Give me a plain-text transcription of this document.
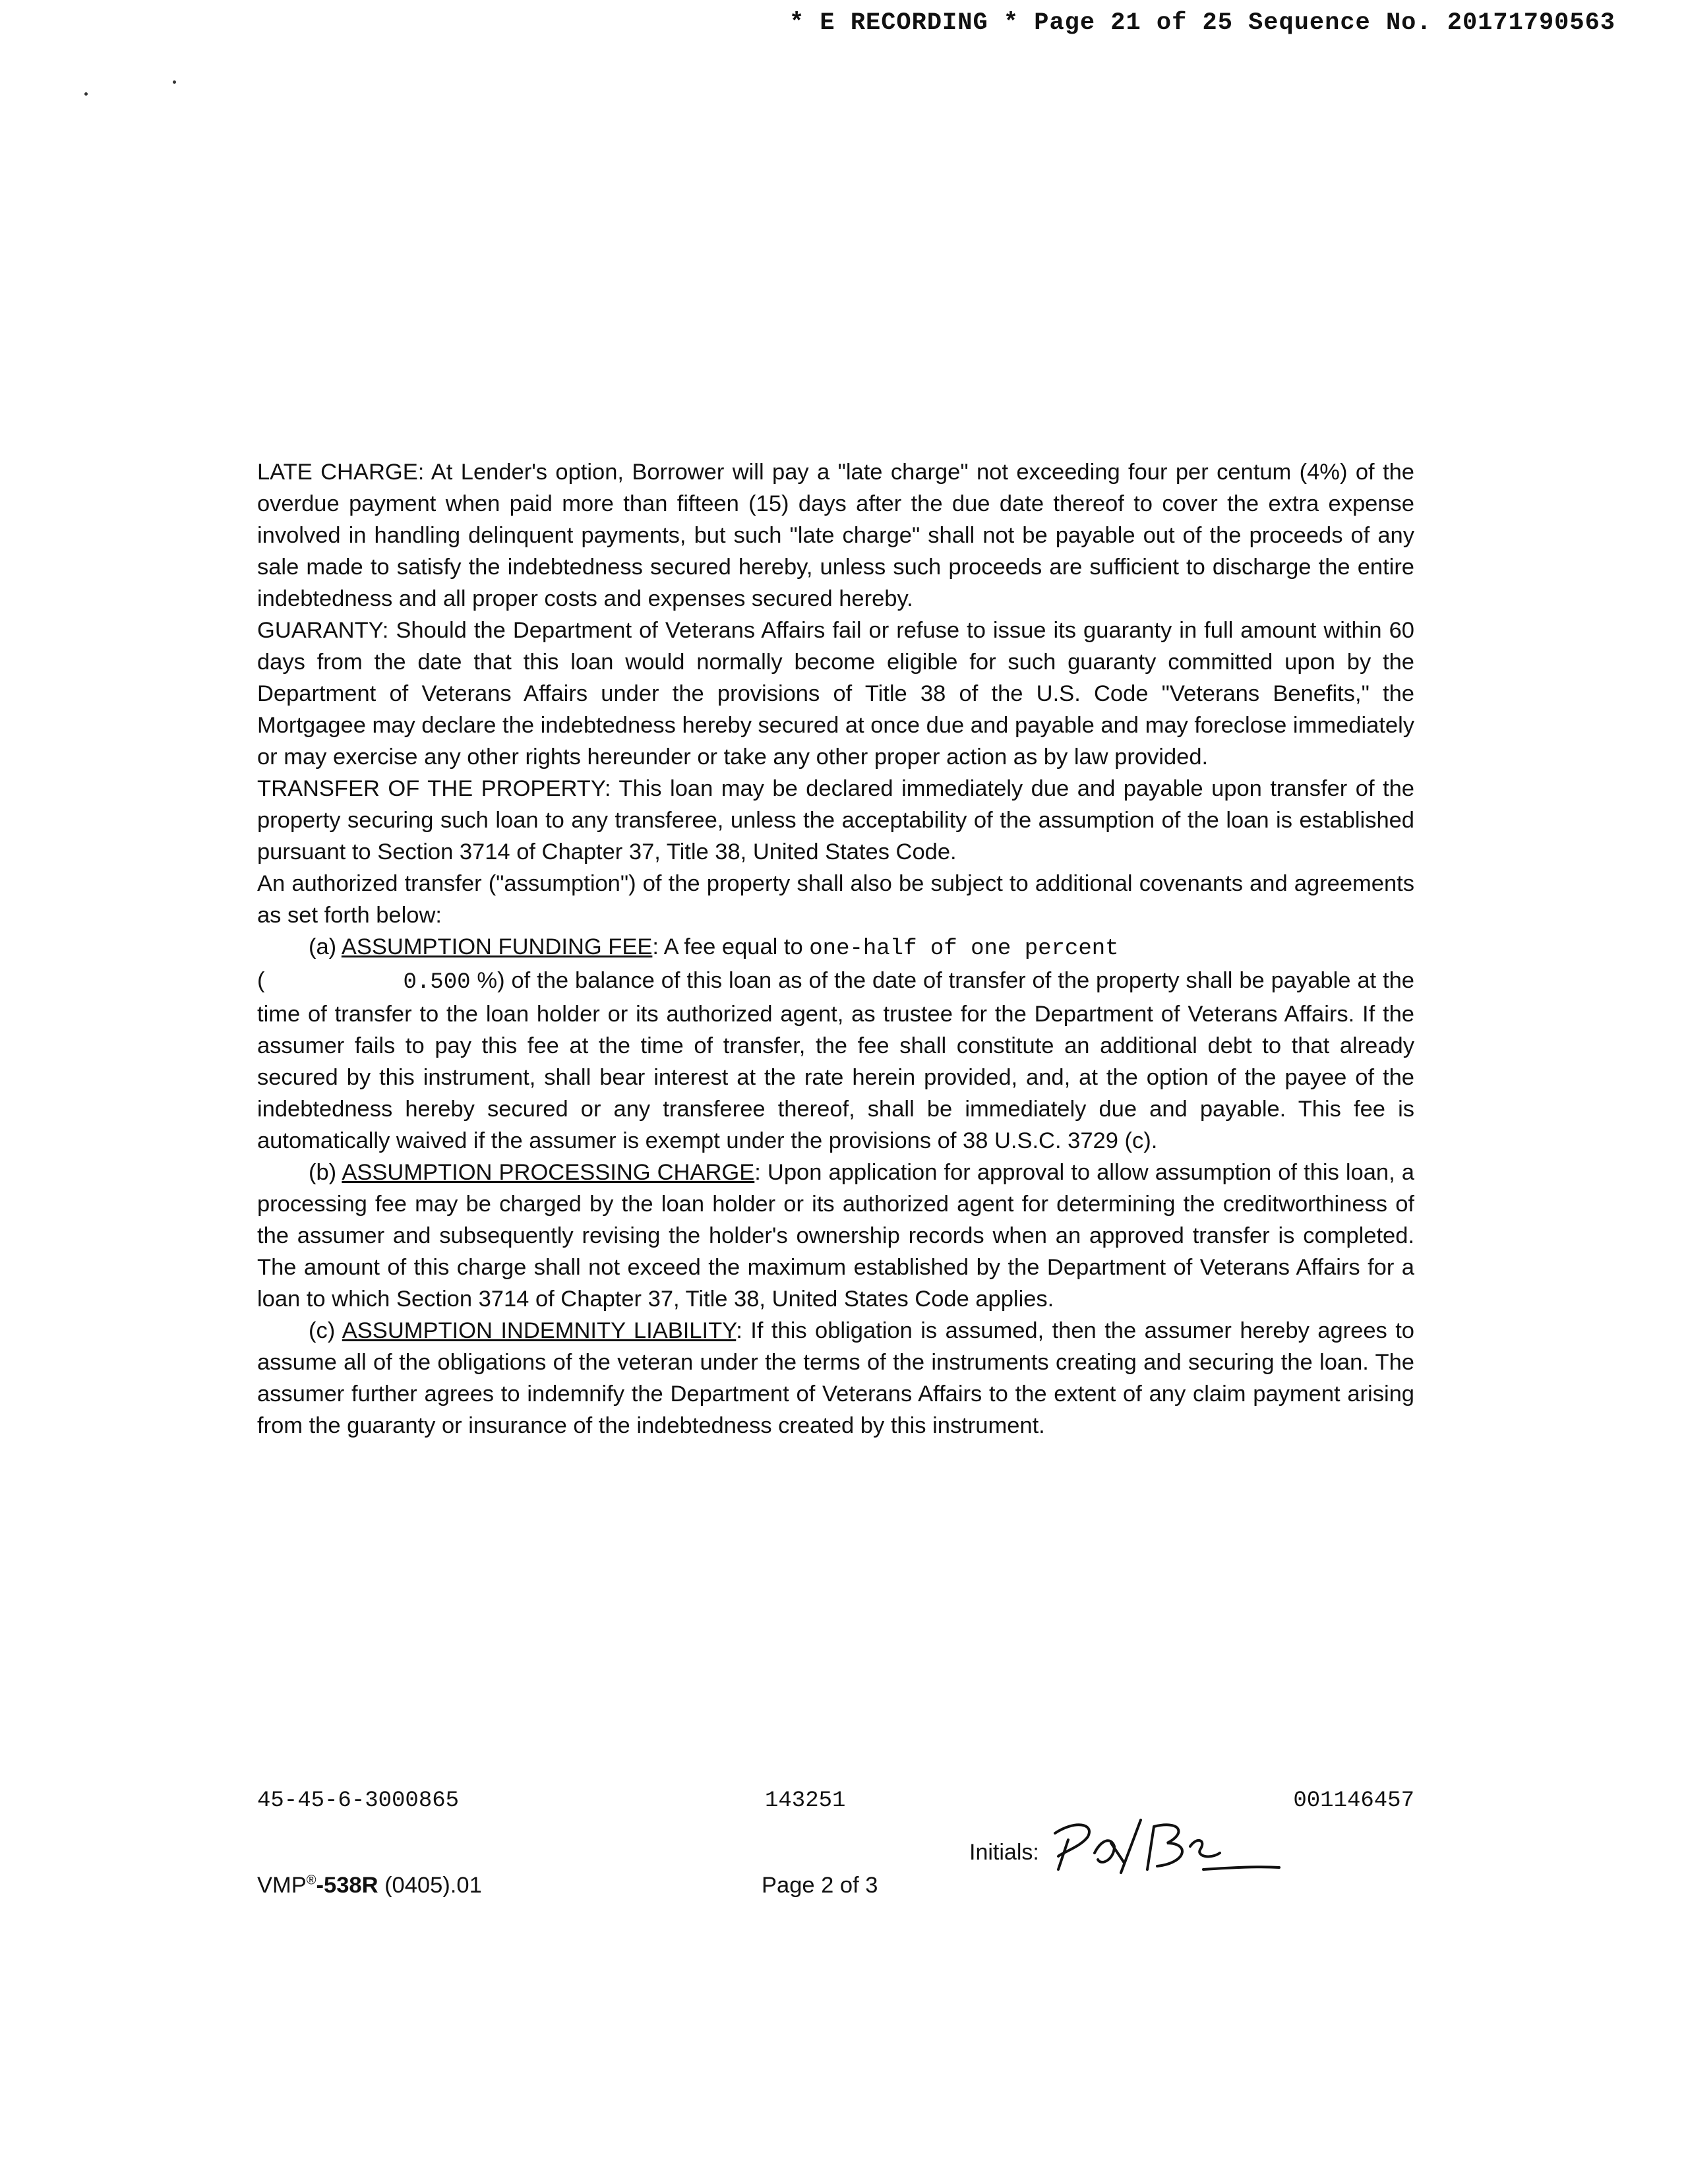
* E RECORDING * Page 21 of 25 Sequence No. 20171790563

LATE CHARGE: At Lender's option, Borrower will pay a "late charge" not exceeding four per centum (4%) of the overdue payment when paid more than fifteen (15) days after the due date thereof to cover the extra expense involved in handling delinquent payments, but such "late charge" shall not be payable out of the proceeds of any sale made to satisfy the indebtedness secured hereby, unless such proceeds are sufficient to discharge the entire indebtedness and all proper costs and expenses secured hereby.

GUARANTY: Should the Department of Veterans Affairs fail or refuse to issue its guaranty in full amount within 60 days from the date that this loan would normally become eligible for such guaranty committed upon by the Department of Veterans Affairs under the provisions of Title 38 of the U.S. Code "Veterans Benefits," the Mortgagee may declare the indebtedness hereby secured at once due and payable and may foreclose immediately or may exercise any other rights hereunder or take any other proper action as by law provided.

TRANSFER OF THE PROPERTY: This loan may be declared immediately due and payable upon transfer of the property securing such loan to any transferee, unless the acceptability of the assumption of the loan is established pursuant to Section 3714 of Chapter 37, Title 38, United States Code.

An authorized transfer ("assumption") of the property shall also be subject to additional covenants and agreements as set forth below:

(a) ASSUMPTION FUNDING FEE: A fee equal to one-half of one percent

(	0.500 %) of the balance of this loan as of the date of transfer of the property shall be payable at the time of transfer to the loan holder or its authorized agent, as trustee for the Department of Veterans Affairs. If the assumer fails to pay this fee at the time of transfer, the fee shall constitute an additional debt to that already secured by this instrument, shall bear interest at the rate herein provided, and, at the option of the payee of the indebtedness hereby secured or any transferee thereof, shall be immediately due and payable. This fee is automatically waived if the assumer is exempt under the provisions of 38 U.S.C. 3729 (c).

(b) ASSUMPTION PROCESSING CHARGE: Upon application for approval to allow assumption of this loan, a processing fee may be charged by the loan holder or its authorized agent for determining the creditworthiness of the assumer and subsequently revising the holder's ownership records when an approved transfer is completed. The amount of this charge shall not exceed the maximum established by the Department of Veterans Affairs for a loan to which Section 3714 of Chapter 37, Title 38, United States Code applies.

(c) ASSUMPTION INDEMNITY LIABILITY: If this obligation is assumed, then the assumer hereby agrees to assume all of the obligations of the veteran under the terms of the instruments creating and securing the loan. The assumer further agrees to indemnify the Department of Veterans Affairs to the extent of any claim payment arising from the guaranty or insurance of the indebtedness created by this instrument.

45-45-6-3000865	143251	001146457
Initials:
VMP®-538R (0405).01	Page 2 of 3
